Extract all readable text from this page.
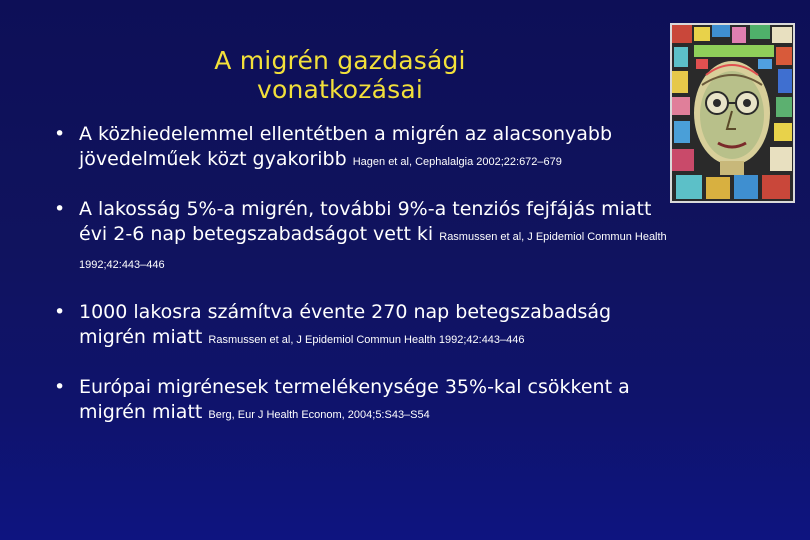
A migrén gazdasági vonatkozásai
• A közhiedelemmel ellentétben a migrén az alacsonyabb jövedelműek közt gyakoribb Hagen et al, Cephalalgia 2002;22:672–679
• A lakosság 5%-a migrén, további 9%-a tenziós fejfájás miatt évi 2-6 nap betegszabadságot vett ki Rasmussen et al, J Epidemiol Commun Health 1992;42:443–446
• 1000 lakosra számítva évente 270 nap betegszabadság migrén miatt Rasmussen et al, J Epidemiol Commun Health 1992;42:443–446
• Európai migrénesek termelékenysége 35%-kal csökkent a migrén miatt Berg, Eur J Health Econom, 2004;5:S43–S54
